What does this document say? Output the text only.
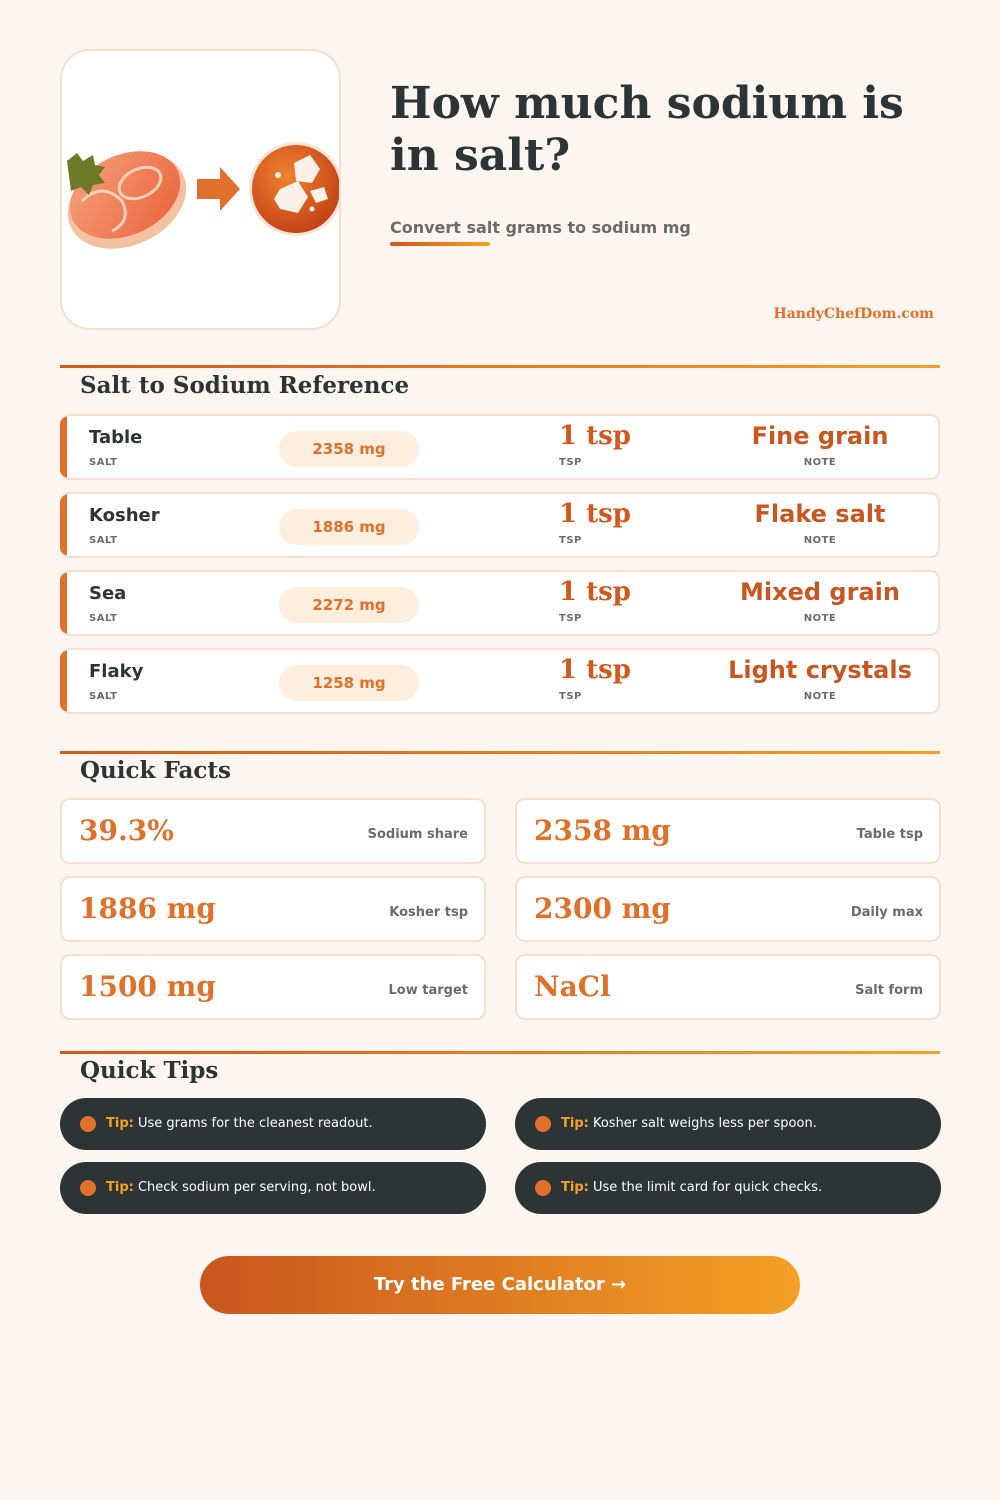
How much sodium is in salt?
Convert salt grams to sodium mg
HandyChefDom.com
Salt to Sodium Reference
Table
SALT
2358 mg	1 tsp
TSP
Fine grain
NOTE
Kosher
SALT
1886 mg	1 tsp
TSP
Flake salt
NOTE
Sea
SALT
2272 mg	1 tsp
TSP
Mixed grain
NOTE
Flaky
SALT
1258 mg	1 tsp
TSP
Light crystals
NOTE
Quick Facts
39.3%	Sodium share 2358 mg	Table tsp
1886 mg	Kosher tsp 2300 mg	Daily max
1500 mg	Low target NaCl	Salt form
Quick Tips
Tip: Use grams for the cleanest readout.	Tip: Kosher salt weighs less per spoon.
Tip: Check sodium per serving, not bowl.	Tip: Use the limit card for quick checks.
Try the Free Calculator →
